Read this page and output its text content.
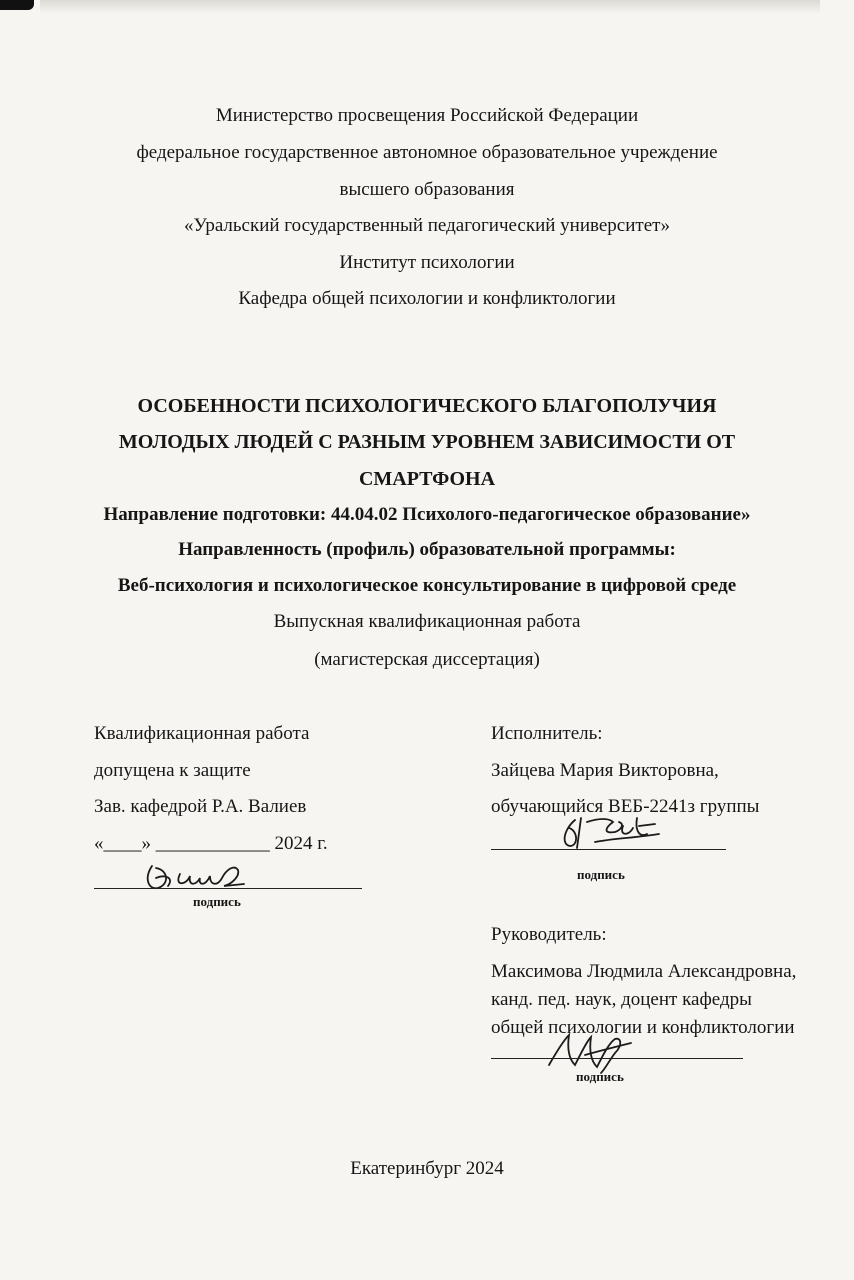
Министерство просвещения Российской Федерации
федеральное государственное автономное образовательное учреждение
высшего образования
«Уральский государственный педагогический университет»
Институт психологии
Кафедра общей психологии и конфликтологии
ОСОБЕННОСТИ ПСИХОЛОГИЧЕСКОГО БЛАГОПОЛУЧИЯ
МОЛОДЫХ ЛЮДЕЙ С РАЗНЫМ УРОВНЕМ ЗАВИСИМОСТИ ОТ
СМАРТФОНА
Направление подготовки: 44.04.02 Психолого-педагогическое образование»
Направленность (профиль) образовательной программы:
Веб-психология и психологическое консультирование в цифровой среде
Выпускная квалификационная работа
(магистерская диссертация)
Квалификационная работа
допущена к защите
Зав. кафедрой Р.А. Валиев
«____» ____________ 2024 г.
подпись
Исполнитель:
Зайцева Мария Викторовна,
обучающийся ВЕБ-2241з группы
подпись
Руководитель:
Максимова Людмила Александровна,
канд. пед. наук, доцент кафедры
общей психологии и конфликтологии
подпись
Екатеринбург 2024
